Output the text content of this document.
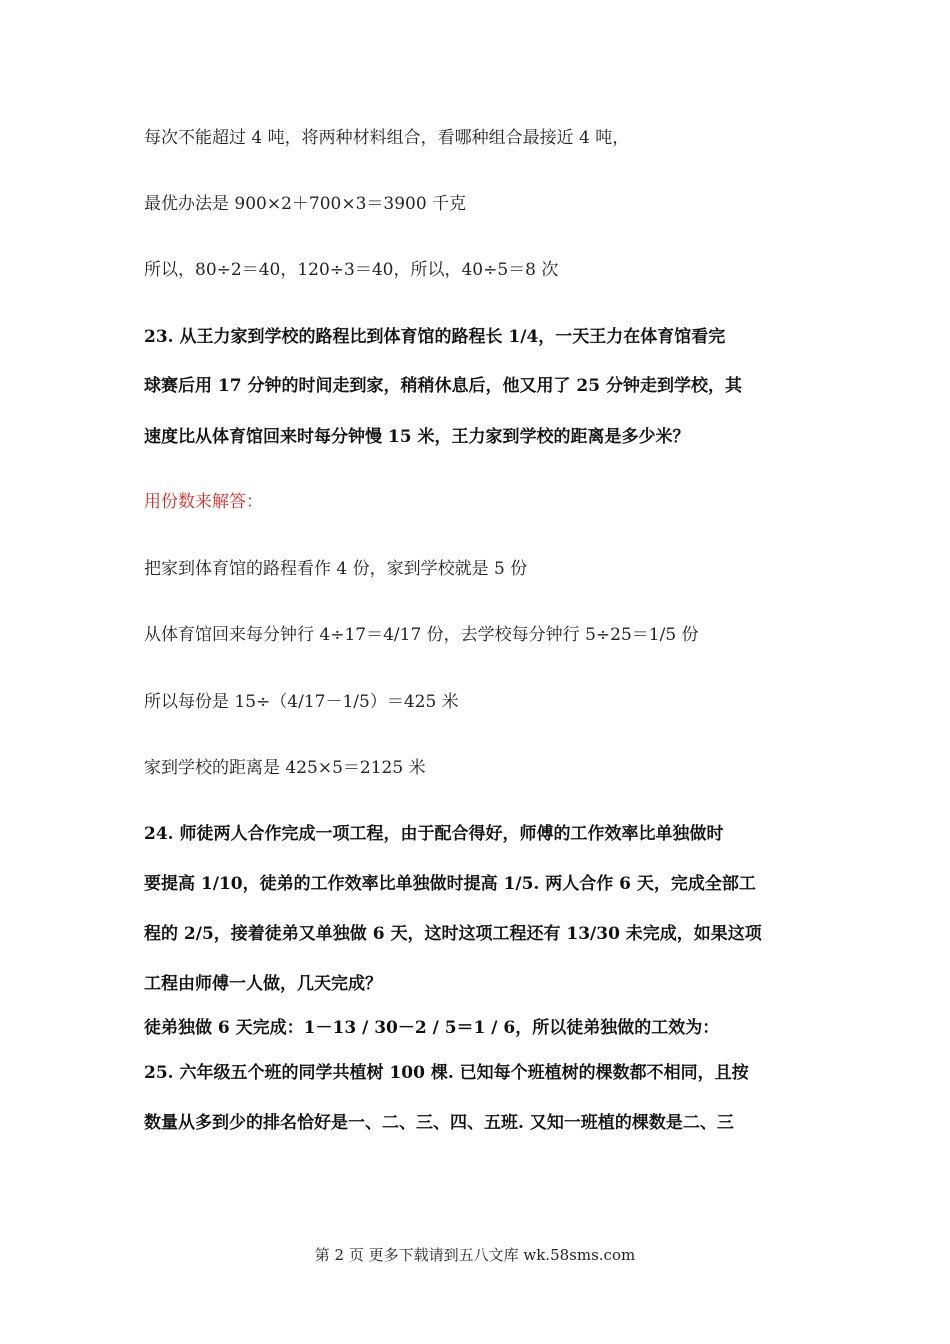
每次不能超过 4 吨，将两种材料组合，看哪种组合最接近 4 吨，
最优办法是 900×2＋700×3＝3900 千克
所以，80÷2＝40，120÷3＝40，所以，40÷5＝8 次
23. 从王力家到学校的路程比到体育馆的路程长 1/4，一天王力在体育馆看完
球赛后用 17 分钟的时间走到家，稍稍休息后，他又用了 25 分钟走到学校，其
速度比从体育馆回来时每分钟慢 15 米，王力家到学校的距离是多少米？
用份数来解答：
把家到体育馆的路程看作 4 份，家到学校就是 5 份
从体育馆回来每分钟行 4÷17＝4/17 份，去学校每分钟行 5÷25＝1/5 份
所以每份是 15÷（4/17－1/5）＝425 米
家到学校的距离是 425×5＝2125 米
24. 师徒两人合作完成一项工程，由于配合得好，师傅的工作效率比单独做时
要提高 1/10，徒弟的工作效率比单独做时提高 1/5. 两人合作 6 天，完成全部工
程的 2/5，接着徒弟又单独做 6 天，这时这项工程还有 13/30 未完成，如果这项
工程由师傅一人做，几天完成？
徒弟独做 6 天完成：1－13 / 30－2 / 5＝1 / 6，所以徒弟独做的工效为：
25. 六年级五个班的同学共植树 100 棵. 已知每个班植树的棵数都不相同，且按
数量从多到少的排名恰好是一、二、三、四、五班. 又知一班植的棵数是二、三
第 2 页 更多下载请到五八文库 wk.58sms.com
